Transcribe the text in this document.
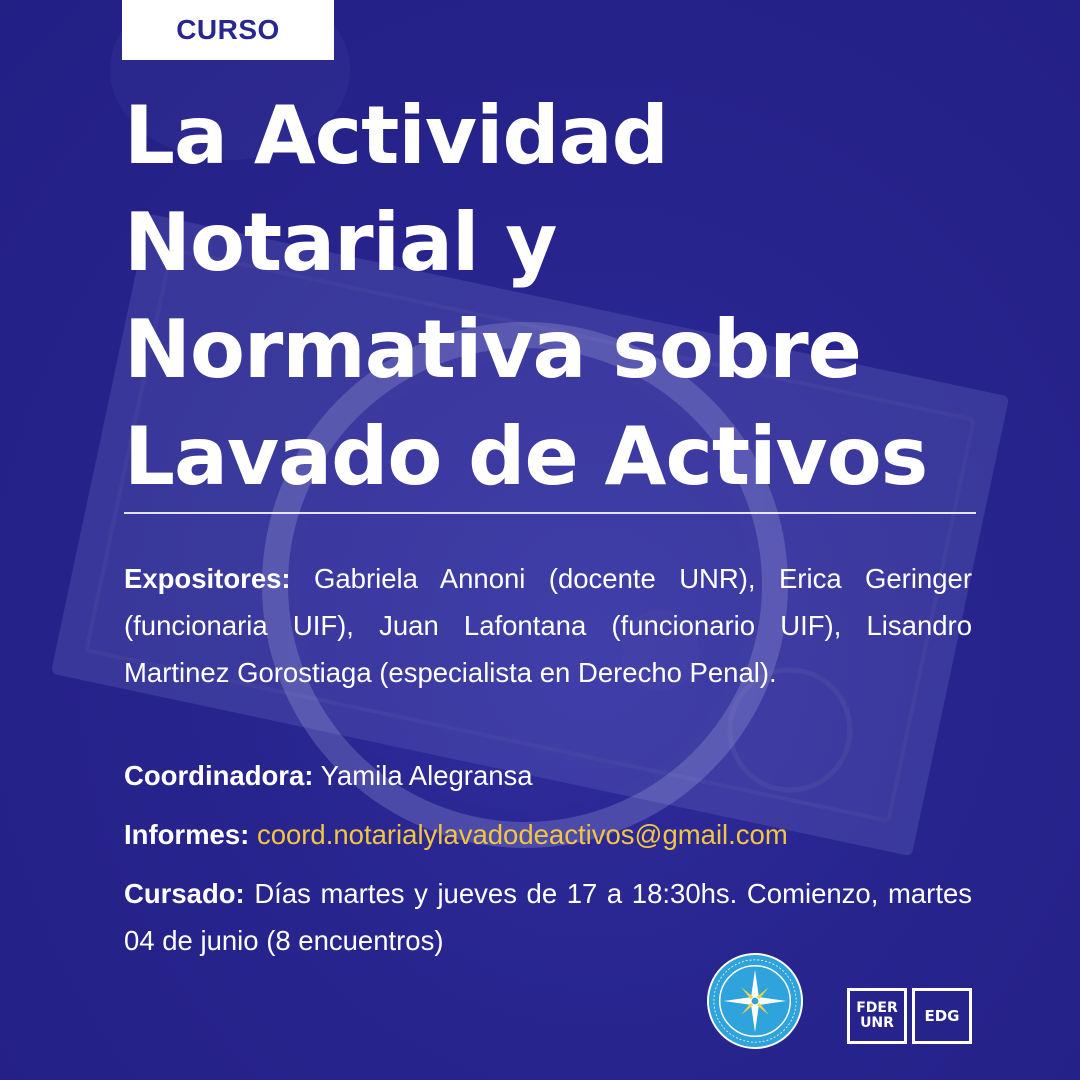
CURSO
La Actividad
Notarial y
Normativa sobre
Lavado de Activos
Expositores: Gabriela Annoni (docente UNR), Erica Geringer (funcionaria UIF), Juan Lafontana (funcionario UIF), Lisandro Martinez Gorostiaga (especialista en Derecho Penal).
Coordinadora: Yamila Alegransa
Informes: coord.notarialylavadodeactivos@gmail.com
Cursado: Días martes y jueves de 17 a 18:30hs. Comienzo, martes 04 de junio (8 encuentros)
FDER
UNR EDG
